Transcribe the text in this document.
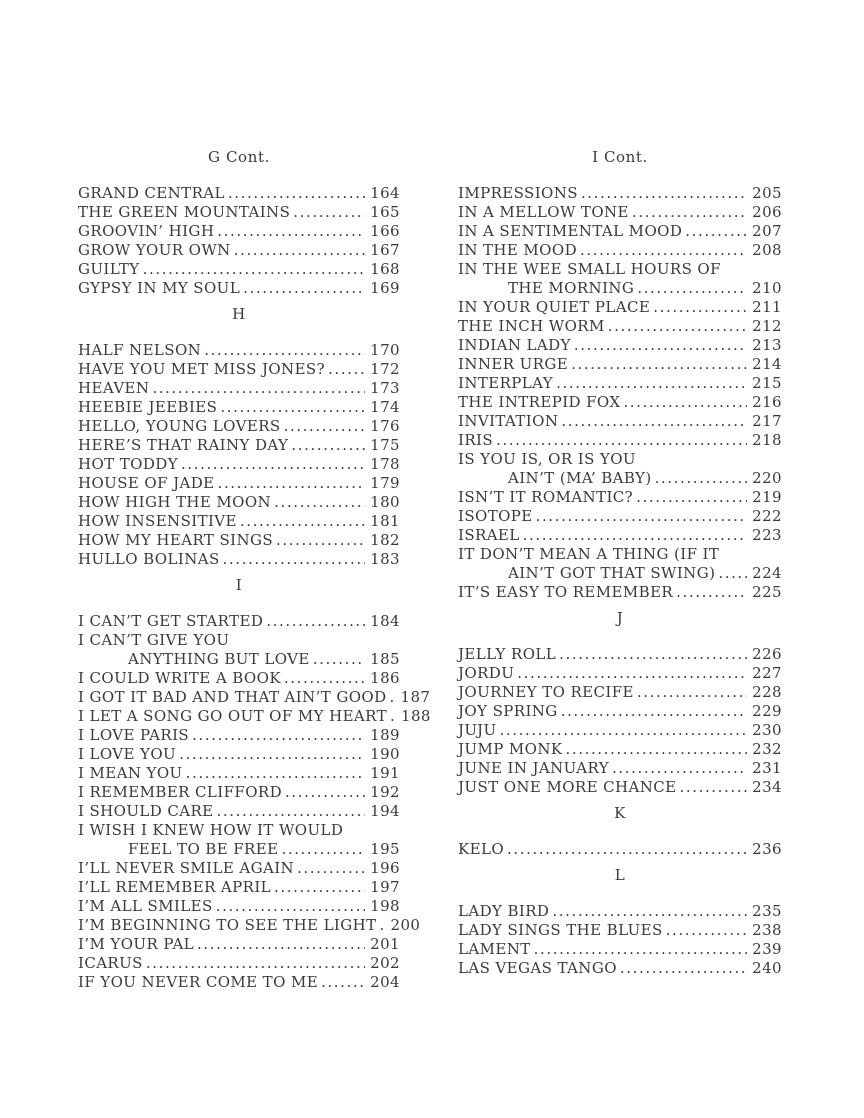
G Cont.
GRAND CENTRAL .....	164
THE GREEN MOUNTAINS .....	165
GROOVIN’ HIGH .....	166
GROW YOUR OWN .....	167
GUILTY .....	168
GYPSY IN MY SOUL .....	169
H
HALF NELSON .....	170
HAVE YOU MET MISS JONES? .....	172
HEAVEN .....	173
HEEBIE JEEBIES .....	174
HELLO, YOUNG LOVERS .....	176
HERE’S THAT RAINY DAY .....	175
HOT TODDY .....	178
HOUSE OF JADE .....	179
HOW HIGH THE MOON .....	180
HOW INSENSITIVE .....	181
HOW MY HEART SINGS .....	182
HULLO BOLINAS .....	183
I
I CAN’T GET STARTED .....	184
I CAN’T GIVE YOU
ANYTHING BUT LOVE .....	185
I COULD WRITE A BOOK .....	186
I GOT IT BAD AND THAT AIN’T GOOD ..... 187
I LET A SONG GO OUT OF MY HEART ..... 188
I LOVE PARIS .....	189
I LOVE YOU .....	190
I MEAN YOU .....	191
I REMEMBER CLIFFORD .....	192
I SHOULD CARE .....	194
I WISH I KNEW HOW IT WOULD
FEEL TO BE FREE .....	195
I’LL NEVER SMILE AGAIN .....	196
I’LL REMEMBER APRIL .....	197
I’M ALL SMILES .....	198
I’M BEGINNING TO SEE THE LIGHT ..... 200
I’M YOUR PAL .....	201
ICARUS .....	202
IF YOU NEVER COME TO ME .....	204
I Cont.
IMPRESSIONS .....	205
IN A MELLOW TONE .....	206
IN A SENTIMENTAL MOOD .....	207
IN THE MOOD .....	208
IN THE WEE SMALL HOURS OF
THE MORNING .....	210
IN YOUR QUIET PLACE .....	211
THE INCH WORM .....	212
INDIAN LADY .....	213
INNER URGE .....	214
INTERPLAY .....	215
THE INTREPID FOX .....	216
INVITATION .....	217
IRIS .....	218
IS YOU IS, OR IS YOU
AIN’T (MA’ BABY) .....	220
ISN’T IT ROMANTIC? .....	219
ISOTOPE .....	222
ISRAEL .....	223
IT DON’T MEAN A THING (IF IT
AIN’T GOT THAT SWING) ..... 224
IT’S EASY TO REMEMBER .....	225
J
JELLY ROLL .....	226
JORDU .....	227
JOURNEY TO RECIFE .....	228
JOY SPRING .....	229
JUJU .....	230
JUMP MONK .....	232
JUNE IN JANUARY .....	231
JUST ONE MORE CHANCE .....	234
K
KELO .....	236
L
LADY BIRD .....	235
LADY SINGS THE BLUES .....	238
LAMENT .....	239
LAS VEGAS TANGO .....	240
